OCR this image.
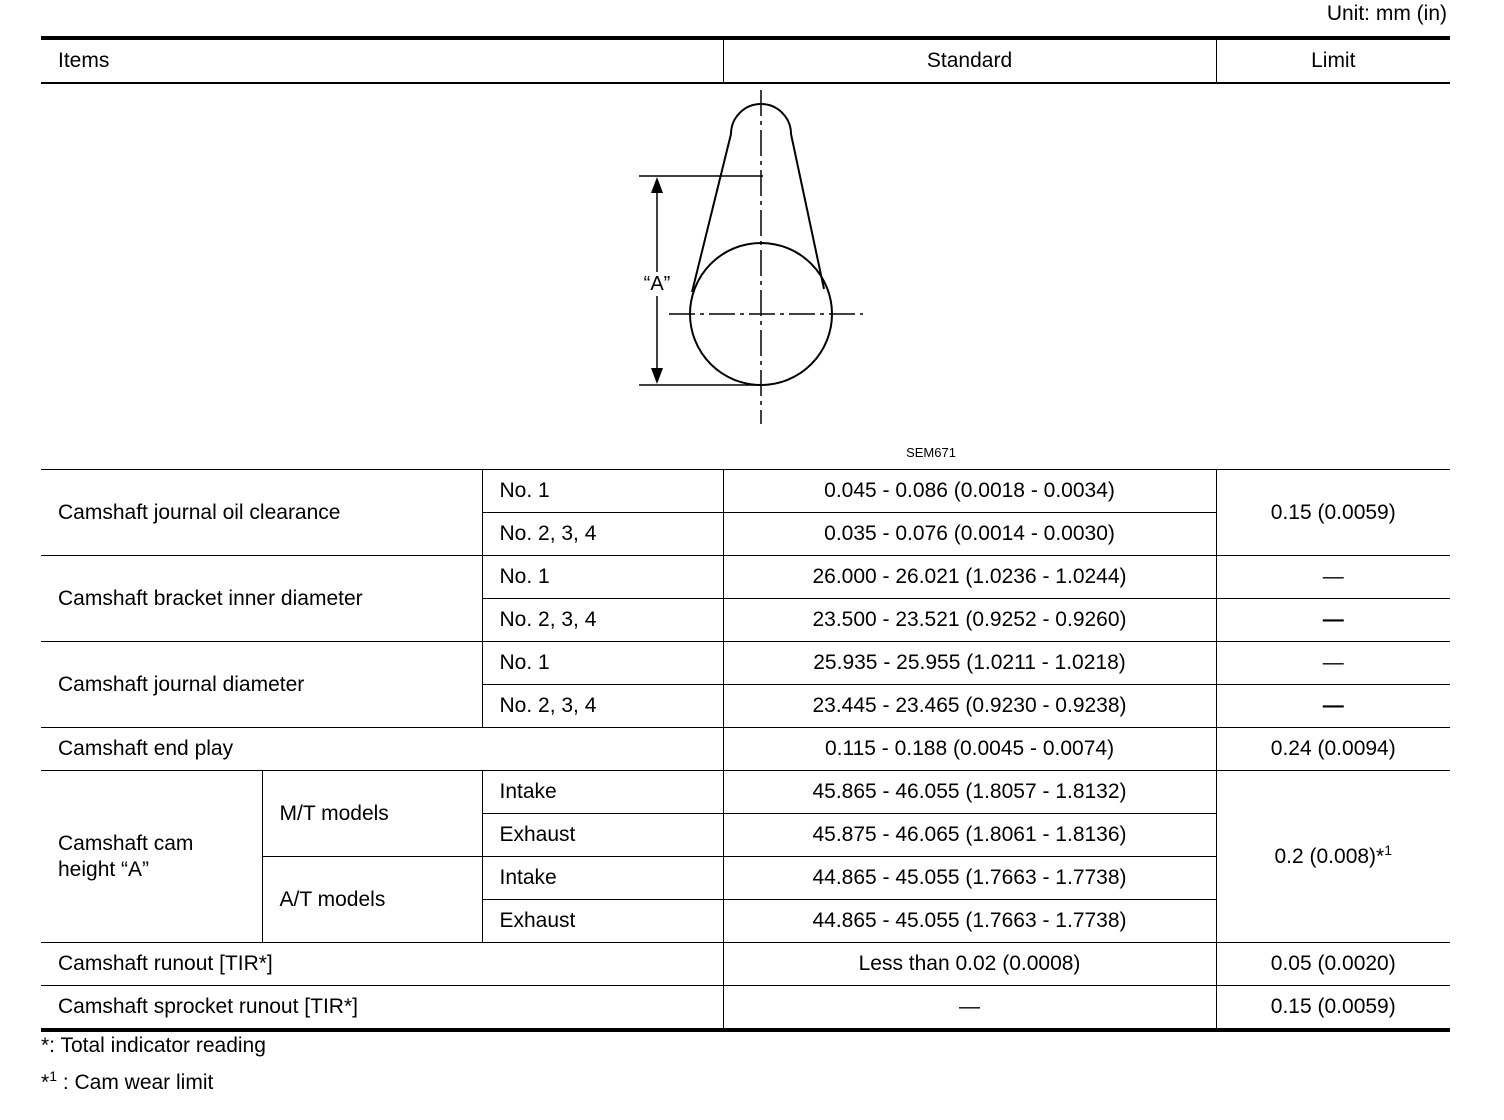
Unit: mm (in)
Items			Standard	Limit

“A”
SEM671				

Camshaft journal oil clearance		No. 1	0.045 - 0.086 (0.0018 - 0.0034)	0.15 (0.0059)
		No. 2, 3, 4	0.035 - 0.076 (0.0014 - 0.0030)	
Camshaft bracket inner diameter		No. 1	26.000 - 26.021 (1.0236 - 1.0244)	—
		No. 2, 3, 4	23.500 - 23.521 (0.9252 - 0.9260)	—
Camshaft journal diameter		No. 1	25.935 - 25.955 (1.0211 - 1.0218)	—
		No. 2, 3, 4	23.445 - 23.465 (0.9230 - 0.9238)	—
Camshaft end play			0.115 - 0.188 (0.0045 - 0.0074)	0.24 (0.0094)
Camshaft cam
height “A”	M/T models	Intake	45.865 - 46.055 (1.8057 - 1.8132)	0.2 (0.008)*$^1$
		Exhaust	45.875 - 46.065 (1.8061 - 1.8136)	
	A/T models	Intake	44.865 - 45.055 (1.7663 - 1.7738)	
		Exhaust	44.865 - 45.055 (1.7663 - 1.7738)	
Camshaft runout [TIR*]			Less than 0.02 (0.0008)	0.05 (0.0020)
Camshaft sprocket runout [TIR*]			—	0.15 (0.0059)
*: Total indicator reading
*$^1$ : Cam wear limit
